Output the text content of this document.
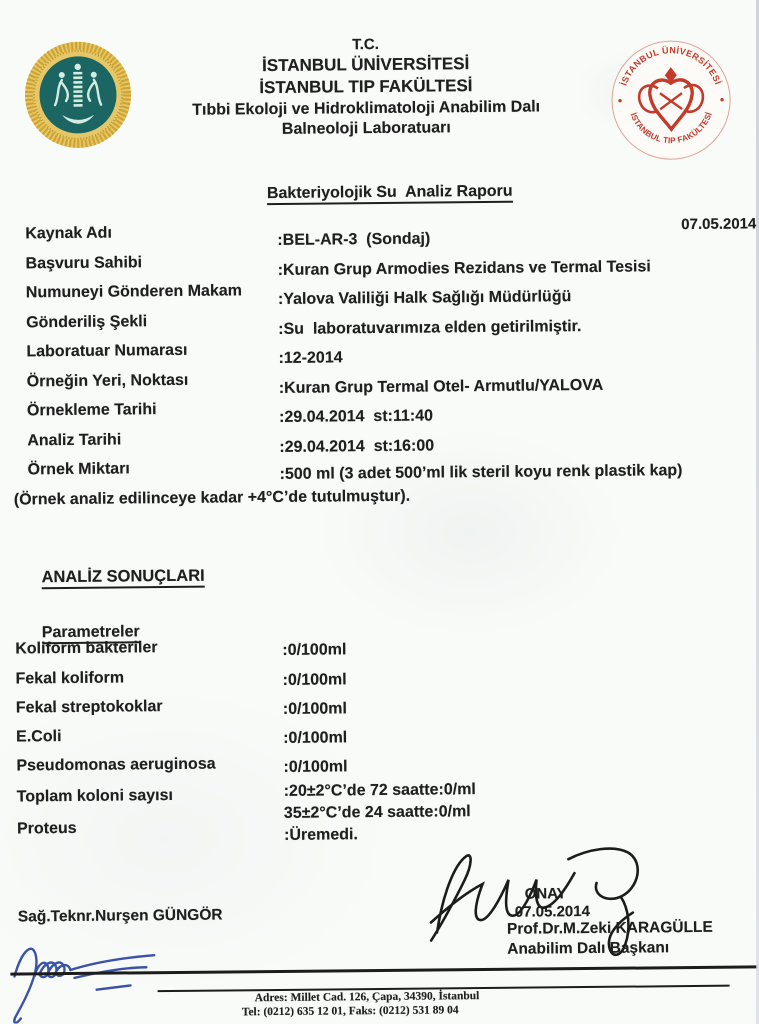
İSTANBUL ÜNİVERSİTESİ
İSTANBUL TIP FAKÜLTESİ
T.C.
İSTANBUL ÜNİVERSİTESİ
İSTANBUL TIP FAKÜLTESİ
Tıbbi Ekoloji ve Hidroklimatoloji Anabilim Dalı
Balneoloji Laboratuarı

Bakteriyolojik Su  Analiz Raporu

07.05.2014
Kaynak Adı	:BEL-AR-3  (Sondaj)
Başvuru Sahibi	:Kuran Grup Armodies Rezidans ve Termal Tesisi
Numuneyi Gönderen Makam :Yalova Valiliği Halk Sağlığı Müdürlüğü
Gönderiliş Şekli	:Su  laboratuvarımıza elden getirilmiştir.
Laboratuar Numarası	:12-2014
Örneğin Yeri, Noktası	:Kuran Grup Termal Otel- Armutlu/YALOVA
Örnekleme Tarihi	:29.04.2014  st:11:40
Analiz Tarihi	:29.04.2014  st:16:00
Örnek Miktarı	:500 ml (3 adet 500’ml lik steril koyu renk plastik kap)
(Örnek analiz edilinceye kadar +4°C’de tutulmuştur).

ANALİZ SONUÇLARI

Parametreler

Koliform bakteriler	:0/100ml
Fekal koliform	:0/100ml
Fekal streptokoklar	:0/100ml
E.Coli	:0/100ml
Pseudomonas aeruginosa	:0/100ml
Toplam koloni sayısı	:20±2°C’de 72 saatte:0/ml
35±2°C’de 24 saatte:0/ml
Proteus	:Üremedi.
Sağ.Teknr.Nurşen GÜNGÖR
ONAY
07.05.2014
Prof.Dr.M.Zeki KARAGÜLLE
Anabilim Dalı Başkanı
Adres: Millet Cad. 126, Çapa, 34390, İstanbul
Tel: (0212) 635 12 01, Faks: (0212) 531 89 04
